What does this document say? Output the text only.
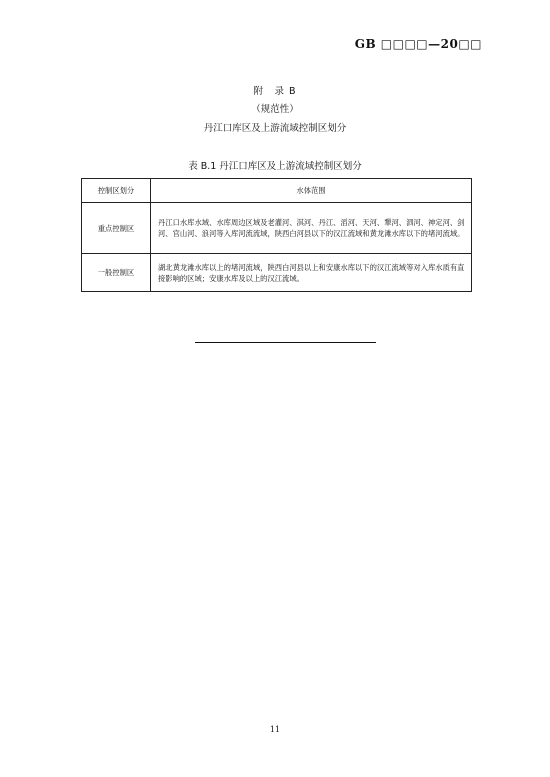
GB □□□□—20□□
附　录 B
（规范性）
丹江口库区及上游流域控制区划分
表 B.1 丹江口库区及上游流域控制区划分
控制区划分	水体范围
重点控制区	丹江口水库水域、水库周边区域及老灌河、淇河、丹江、滔河、天河、犟河、泗河、神定河、剑河、官山河、浪河等入库河流流域，陕西白河县以下的汉江流域和黄龙滩水库以下的堵河流域。
一般控制区	湖北黄龙滩水库以上的堵河流域，陕西白河县以上和安康水库以下的汉江流域等对入库水质有直接影响的区域；安康水库及以上的汉江流域。
11
